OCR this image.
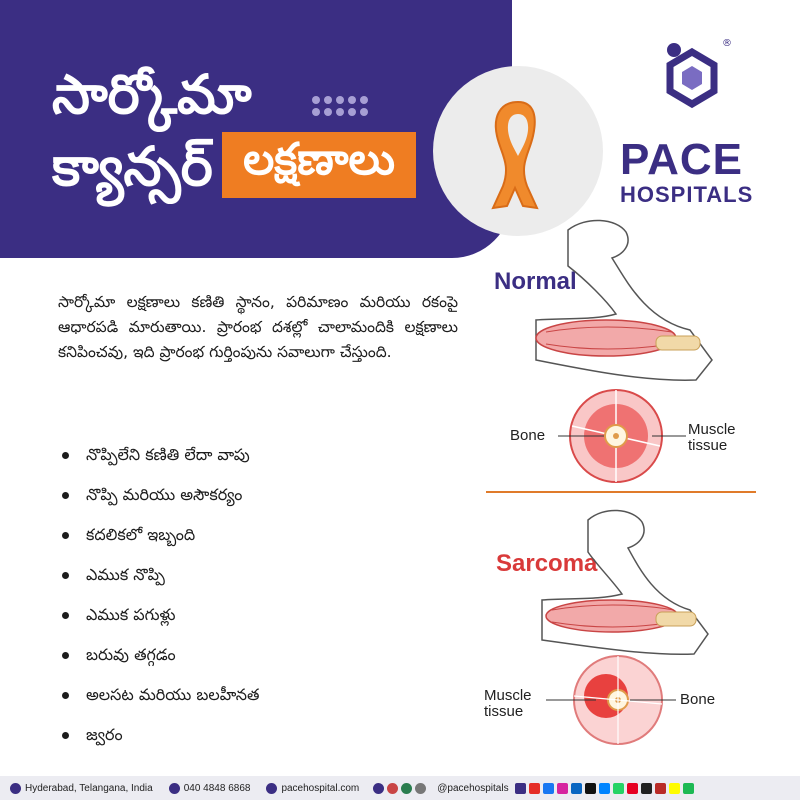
సార్కోమా
క్యాన్సర్ లక్షణాలు
®
PACE
HOSPITALS

సార్కోమా లక్షణాలు కణితి స్థానం, పరిమాణం మరియు రకంపై ఆధారపడి మారుతాయి. ప్రారంభ దశల్లో చాలామందికి లక్షణాలు కనిపించవు, ఇది ప్రారంభ గుర్తింపును సవాలుగా చేస్తుంది.

నొప్పిలేని కణితి లేదా వాపు
నొప్పి మరియు అసౌకర్యం
కదలికలో ఇబ్బంది
ఎముక నొప్పి
ఎముక పగుళ్లు
బరువు తగ్గడం
అలసట మరియు బలహీనత
జ్వరం
Normal
Bone	Muscle
tissue
Sarcoma
Muscle
tissue
Bone
Hyderabad, Telangana, India	040 4848 6868	pacehospital.com	@pacehospitals
